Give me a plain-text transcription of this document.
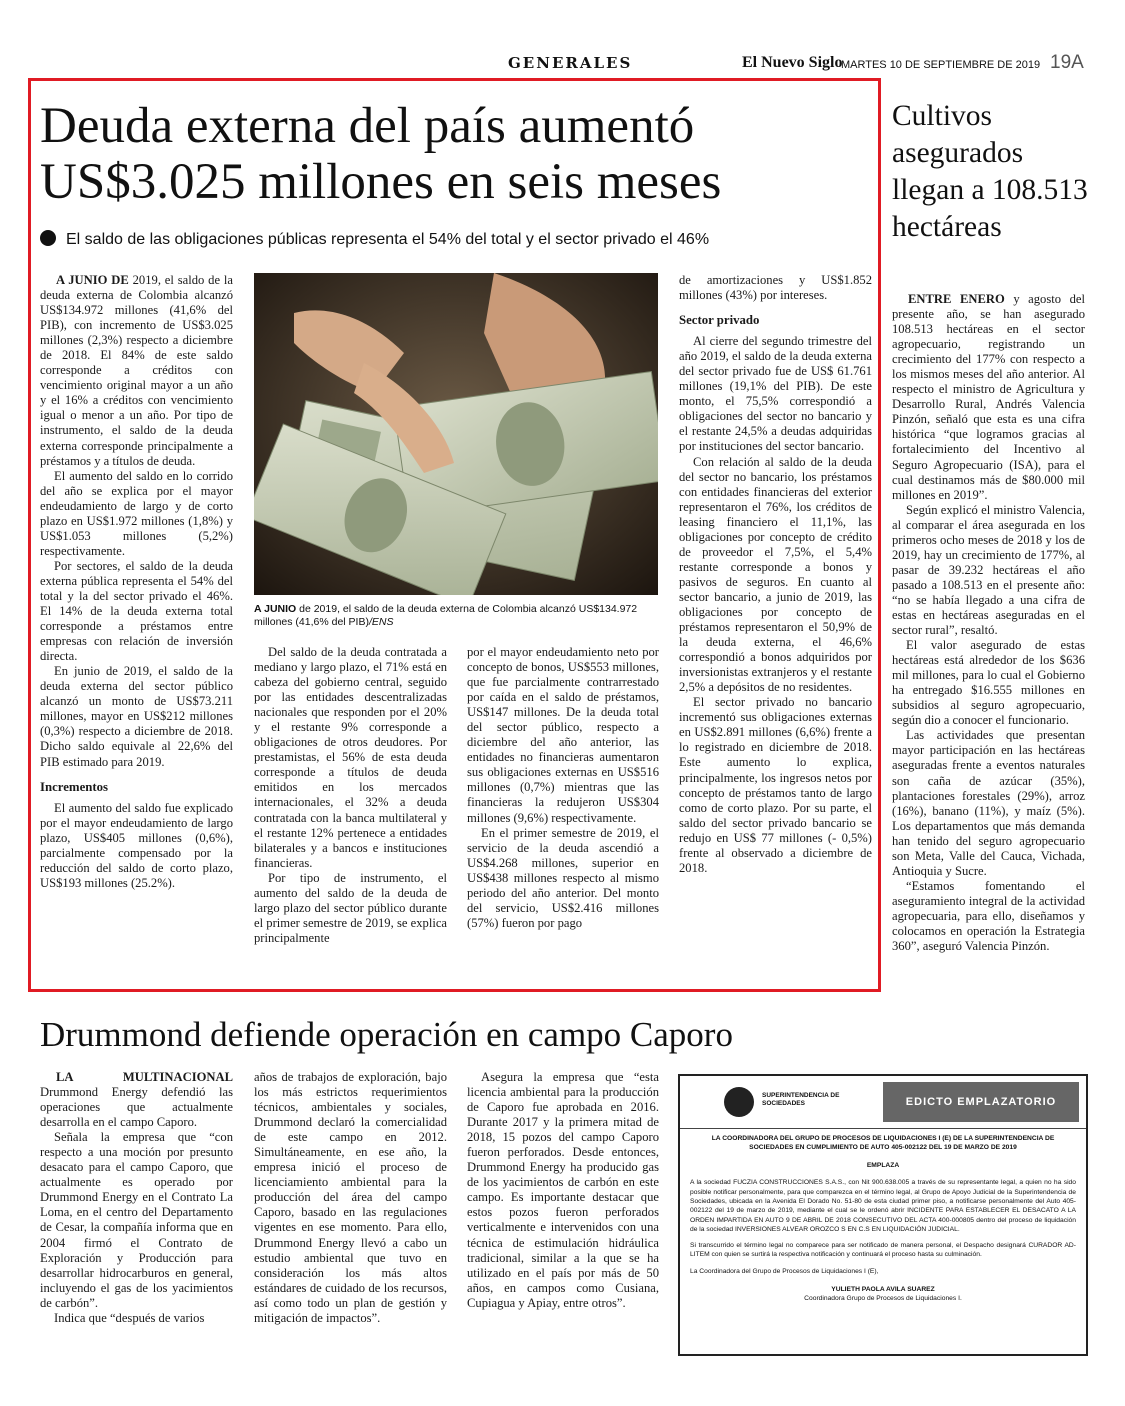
GENERALES	El Nuevo Siglo
MARTES 10 DE SEPTIEMBRE DE 2019 19A
Deuda externa del país aumentó US$3.025 millones en seis meses
El saldo de las obligaciones públicas representa el 54% del total y el sector privado el 46%

A JUNIO DE 2019, el saldo de la deuda externa de Colombia alcanzó US$134.972 millones (41,6% del PIB), con incremento de US$3.025 millones (2,3%) respecto a diciembre de 2018. El 84% de este saldo corresponde a créditos con vencimiento original mayor a un año y el 16% a créditos con vencimiento igual o menor a un año. Por tipo de instrumento, el saldo de la deuda externa corresponde principalmente a préstamos y a títulos de deuda.

El aumento del saldo en lo corrido del año se explica por el mayor endeudamiento de largo y de corto plazo en US$1.972 millones (1,8%) y US$1.053 millones (5,2%) respectivamente.

Por sectores, el saldo de la deuda externa pública representa el 54% del total y la del sector privado el 46%. El 14% de la deuda externa total corresponde a préstamos entre empresas con relación de inversión directa.

En junio de 2019, el saldo de la deuda externa del sector público alcanzó un monto de US$73.211 millones, mayor en US$212 millones (0,3%) respecto a diciembre de 2018. Dicho saldo equivale al 22,6% del PIB estimado para 2019.

Incrementos

El aumento del saldo fue explicado por el mayor endeudamiento de largo plazo, US$405 millones (0,6%), parcialmente compensado por la reducción del saldo de corto plazo, US$193 millones (25.2%).

A JUNIO de 2019, el saldo de la deuda externa de Colombia alcanzó US$134.972 millones (41,6% del PIB)/ENS

Del saldo de la deuda contratada a mediano y largo plazo, el 71% está en cabeza del gobierno central, seguido por las entidades descentralizadas nacionales que responden por el 20% y el restante 9% corresponde a obligaciones de otros deudores. Por prestamistas, el 56% de esta deuda corresponde a títulos de deuda emitidos en los mercados internacionales, el 32% a deuda contratada con la banca multilateral y el restante 12% pertenece a entidades bilaterales y a bancos e instituciones financieras.

Por tipo de instrumento, el aumento del saldo de la deuda de largo plazo del sector público durante el primer semestre de 2019, se explica principalmente

por el mayor endeudamiento neto por concepto de bonos, US$553 millones, que fue parcialmente contrarrestado por caída en el saldo de préstamos, US$147 millones. De la deuda total del sector público, respecto a diciembre del año anterior, las entidades no financieras aumentaron sus obligaciones externas en US$516 millones (0,7%) mientras que las financieras la redujeron US$304 millones (9,6%) respectivamente.

En el primer semestre de 2019, el servicio de la deuda ascendió a US$4.268 millones, superior en US$438 millones respecto al mismo periodo del año anterior. Del monto del servicio, US$2.416 millones (57%) fueron por pago

de amortizaciones y US$1.852 millones (43%) por intereses.

Sector privado

Al cierre del segundo trimestre del año 2019, el saldo de la deuda externa del sector privado fue de US$ 61.761 millones (19,1% del PIB). De este monto, el 75,5% correspondió a obligaciones del sector no bancario y el restante 24,5% a deudas adquiridas por instituciones del sector bancario.

Con relación al saldo de la deuda del sector no bancario, los préstamos con entidades financieras del exterior representaron el 76%, los créditos de leasing financiero el 11,1%, las obligaciones por concepto de crédito de proveedor el 7,5%, el 5,4% restante corresponde a bonos y pasivos de seguros. En cuanto al sector bancario, a junio de 2019, las obligaciones por concepto de préstamos representaron el 50,9% de la deuda externa, el 46,6% correspondió a bonos adquiridos por inversionistas extranjeros y el restante 2,5% a depósitos de no residentes.

El sector privado no bancario incrementó sus obligaciones externas en US$2.891 millones (6,6%) frente a lo registrado en diciembre de 2018. Este aumento lo explica, principalmente, los ingresos netos por concepto de préstamos tanto de largo como de corto plazo. Por su parte, el saldo del sector privado bancario se redujo en US$ 77 millones (- 0,5%) frente al observado a diciembre de 2018.

Cultivos asegurados llegan a 108.513 hectáreas

ENTRE ENERO y agosto del presente año, se han asegurado 108.513 hectáreas en el sector agropecuario, registrando un crecimiento del 177% con respecto a los mismos meses del año anterior. Al respecto el ministro de Agricultura y Desarrollo Rural, Andrés Valencia Pinzón, señaló que esta es una cifra histórica “que logramos gracias al fortalecimiento del Incentivo al Seguro Agropecuario (ISA), para el cual destinamos más de $80.000 mil millones en 2019”.

Según explicó el ministro Valencia, al comparar el área asegurada en los primeros ocho meses de 2018 y los de 2019, hay un crecimiento de 177%, al pasar de 39.232 hectáreas el año pasado a 108.513 en el presente año: “no se había llegado a una cifra de estas en hectáreas aseguradas en el sector rural”, resaltó.

El valor asegurado de estas hectáreas está alrededor de los $636 mil millones, para lo cual el Gobierno ha entregado $16.555 millones en subsidios al seguro agropecuario, según dio a conocer el funcionario.

Las actividades que presentan mayor participación en las hectáreas aseguradas frente a eventos naturales son caña de azúcar (35%), plantaciones forestales (29%), arroz (16%), banano (11%), y maíz (5%). Los departamentos que más demanda han tenido del seguro agropecuario son Meta, Valle del Cauca, Vichada, Antioquia y Sucre.

“Estamos fomentando el aseguramiento integral de la actividad agropecuaria, para ello, diseñamos y colocamos en operación la Estrategia 360”, aseguró Valencia Pinzón.

Drummond defiende operación en campo Caporo

LA MULTINACIONAL Drummond Energy defendió las operaciones que actualmente desarrolla en el campo Caporo.

Señala la empresa que “con respecto a una moción por presunto desacato para el campo Caporo, que actualmente es operado por Drummond Energy en el Contrato La Loma, en el centro del Departamento de Cesar, la compañía informa que en 2004 firmó el Contrato de Exploración y Producción para desarrollar hidrocarburos en general, incluyendo el gas de los yacimientos de carbón”.

Indica que “después de varios

años de trabajos de exploración, bajo los más estrictos requerimientos técnicos, ambientales y sociales, Drummond declaró la comercialidad de este campo en 2012. Simultáneamente, en ese año, la empresa inició el proceso de licenciamiento ambiental para la producción del área del campo Caporo, basado en las regulaciones vigentes en ese momento. Para ello, Drummond Energy llevó a cabo un estudio ambiental que tuvo en consideración los más altos estándares de cuidado de los recursos, así como todo un plan de gestión y mitigación de impactos”.

Asegura la empresa que “esta licencia ambiental para la producción de Caporo fue aprobada en 2016. Durante 2017 y la primera mitad de 2018, 15 pozos del campo Caporo fueron perforados. Desde entonces, Drummond Energy ha producido gas de los yacimientos de carbón en este campo. Es importante destacar que estos pozos fueron perforados verticalmente e intervenidos con una técnica de estimulación hidráulica tradicional, similar a la que se ha utilizado en el país por más de 50 años, en campos como Cusiana, Cupiagua y Apiay, entre otros”.

SUPERINTENDENCIA DE SOCIEDADES	EDICTO EMPLAZATORIO
LA COORDINADORA DEL GRUPO DE PROCESOS DE LIQUIDACIONES I (E) DE LA SUPERINTENDENCIA DE SOCIEDADES EN CUMPLIMIENTO DE AUTO 405-002122 DEL 19 DE MARZO DE 2019
EMPLAZA
A la sociedad FUCZIA CONSTRUCCIONES S.A.S., con Nit 900.638.005 a través de su representante legal, a quien no ha sido posible notificar personalmente, para que comparezca en el término legal, al Grupo de Apoyo Judicial de la Superintendencia de Sociedades, ubicada en la Avenida El Dorado No. 51-80 de esta ciudad primer piso, a notificarse personalmente del Auto 405-002122 del 19 de marzo de 2019, mediante el cual se le ordenó abrir INCIDENTE PARA ESTABLECER EL DESACATO A LA ORDEN IMPARTIDA EN AUTO 9 DE ABRIL DE 2018 CONSECUTIVO DEL ACTA 400-000805 dentro del proceso de liquidación de la sociedad INVERSIONES ALVEAR OROZCO S EN C.S EN LIQUIDACIÓN JUDICIAL.
Si transcurrido el término legal no comparece para ser notificado de manera personal, el Despacho designará CURADOR AD-LITEM con quien se surtirá la respectiva notificación y continuará el proceso hasta su culminación.
La Coordinadora del Grupo de Procesos de Liquidaciones I (E),
YULIETH PAOLA AVILA SUAREZ
Coordinadora Grupo de Procesos de Liquidaciones I.
